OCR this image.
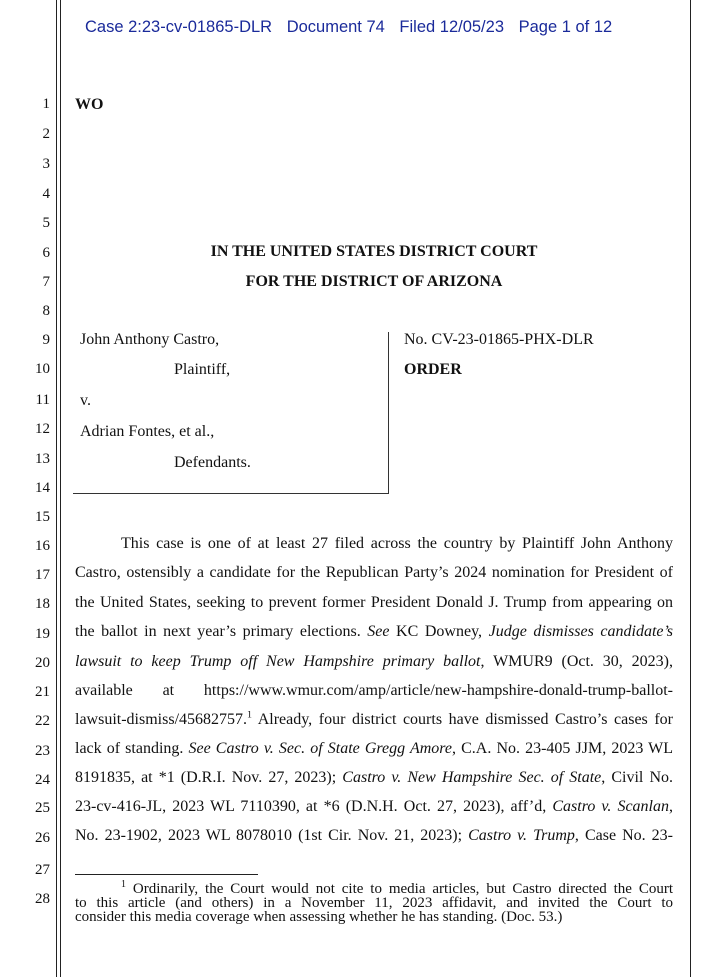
Case 2:23-cv-01865-DLR Document 74 Filed 12/05/23 Page 1 of 12
1
2
3
4
5
6
7
8
9
10
11
12
13
14
15
16
17
18
19
20
21
22
23
24
25
26
27
28
WO
IN THE UNITED STATES DISTRICT COURT
FOR THE DISTRICT OF ARIZONA
John Anthony Castro,
Plaintiff,
v.
Adrian Fontes, et al.,
Defendants.
No. CV-23-01865-PHX-DLR
ORDER
This case is one of at least 27 filed across the country by Plaintiff John Anthony
Castro, ostensibly a candidate for the Republican Party’s 2024 nomination for President of
the United States, seeking to prevent former President Donald J. Trump from appearing on
the ballot in next year’s primary elections. See KC Downey, Judge dismisses candidate’s
lawsuit to keep Trump off New Hampshire primary ballot, WMUR9 (Oct. 30, 2023),
available at https://www.wmur.com/amp/article/new-hampshire-donald-trump-ballot-
lawsuit-dismiss/45682757.$^1$ Already, four district courts have dismissed Castro’s cases for
lack of standing. See Castro v. Sec. of State Gregg Amore, C.A. No. 23-405 JJM, 2023 WL
8191835, at *1 (D.R.I. Nov. 27, 2023); Castro v. New Hampshire Sec. of State, Civil No.
23-cv-416-JL, 2023 WL 7110390, at *6 (D.N.H. Oct. 27, 2023), aff’d, Castro v. Scanlan,
No. 23-1902, 2023 WL 8078010 (1st Cir. Nov. 21, 2023); Castro v. Trump, Case No. 23-
$^1$ Ordinarily, the Court would not cite to media articles, but Castro directed the Court
to this article (and others) in a November 11, 2023 affidavit, and invited the Court to
consider this media coverage when assessing whether he has standing. (Doc. 53.)
